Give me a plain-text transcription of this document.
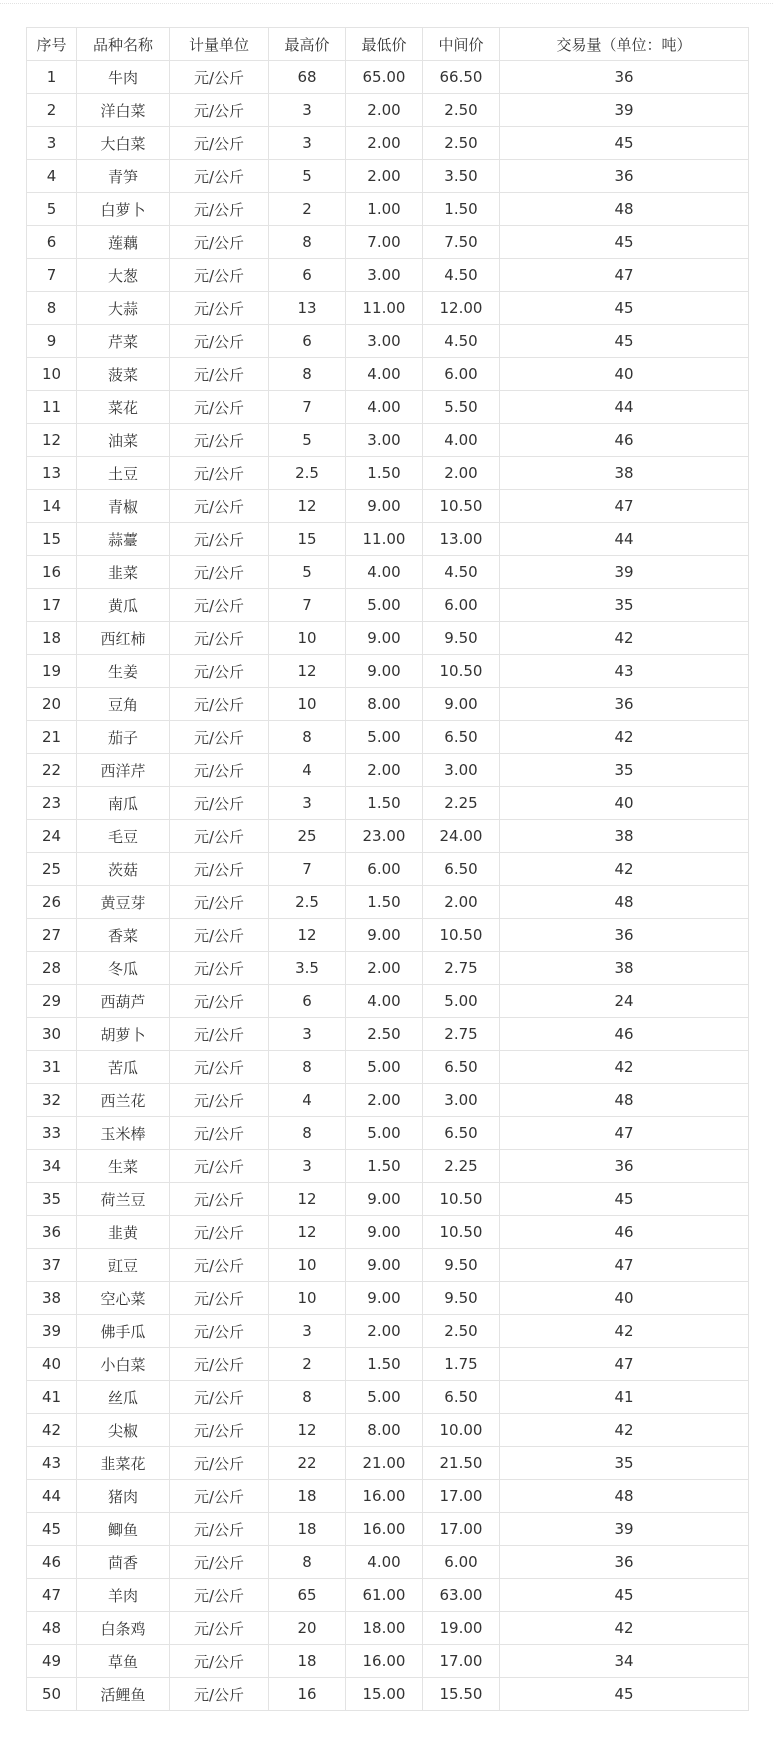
序号	品种名称	计量单位	最高价	最低价	中间价	交易量（单位：吨）
1	牛肉	元/公斤	68	65.00	66.50	36
2	洋白菜	元/公斤	3	2.00	2.50	39
3	大白菜	元/公斤	3	2.00	2.50	45
4	青笋	元/公斤	5	2.00	3.50	36
5	白萝卜	元/公斤	2	1.00	1.50	48
6	莲藕	元/公斤	8	7.00	7.50	45
7	大葱	元/公斤	6	3.00	4.50	47
8	大蒜	元/公斤	13	11.00	12.00	45
9	芹菜	元/公斤	6	3.00	4.50	45
10	菠菜	元/公斤	8	4.00	6.00	40
11	菜花	元/公斤	7	4.00	5.50	44
12	油菜	元/公斤	5	3.00	4.00	46
13	土豆	元/公斤	2.5	1.50	2.00	38
14	青椒	元/公斤	12	9.00	10.50	47
15	蒜薹	元/公斤	15	11.00	13.00	44
16	韭菜	元/公斤	5	4.00	4.50	39
17	黄瓜	元/公斤	7	5.00	6.00	35
18	西红柿	元/公斤	10	9.00	9.50	42
19	生姜	元/公斤	12	9.00	10.50	43
20	豆角	元/公斤	10	8.00	9.00	36
21	茄子	元/公斤	8	5.00	6.50	42
22	西洋芹	元/公斤	4	2.00	3.00	35
23	南瓜	元/公斤	3	1.50	2.25	40
24	毛豆	元/公斤	25	23.00	24.00	38
25	茨菇	元/公斤	7	6.00	6.50	42
26	黄豆芽	元/公斤	2.5	1.50	2.00	48
27	香菜	元/公斤	12	9.00	10.50	36
28	冬瓜	元/公斤	3.5	2.00	2.75	38
29	西葫芦	元/公斤	6	4.00	5.00	24
30	胡萝卜	元/公斤	3	2.50	2.75	46
31	苦瓜	元/公斤	8	5.00	6.50	42
32	西兰花	元/公斤	4	2.00	3.00	48
33	玉米棒	元/公斤	8	5.00	6.50	47
34	生菜	元/公斤	3	1.50	2.25	36
35	荷兰豆	元/公斤	12	9.00	10.50	45
36	韭黄	元/公斤	12	9.00	10.50	46
37	豇豆	元/公斤	10	9.00	9.50	47
38	空心菜	元/公斤	10	9.00	9.50	40
39	佛手瓜	元/公斤	3	2.00	2.50	42
40	小白菜	元/公斤	2	1.50	1.75	47
41	丝瓜	元/公斤	8	5.00	6.50	41
42	尖椒	元/公斤	12	8.00	10.00	42
43	韭菜花	元/公斤	22	21.00	21.50	35
44	猪肉	元/公斤	18	16.00	17.00	48
45	鲫鱼	元/公斤	18	16.00	17.00	39
46	茴香	元/公斤	8	4.00	6.00	36
47	羊肉	元/公斤	65	61.00	63.00	45
48	白条鸡	元/公斤	20	18.00	19.00	42
49	草鱼	元/公斤	18	16.00	17.00	34
50	活鲤鱼	元/公斤	16	15.00	15.50	45
